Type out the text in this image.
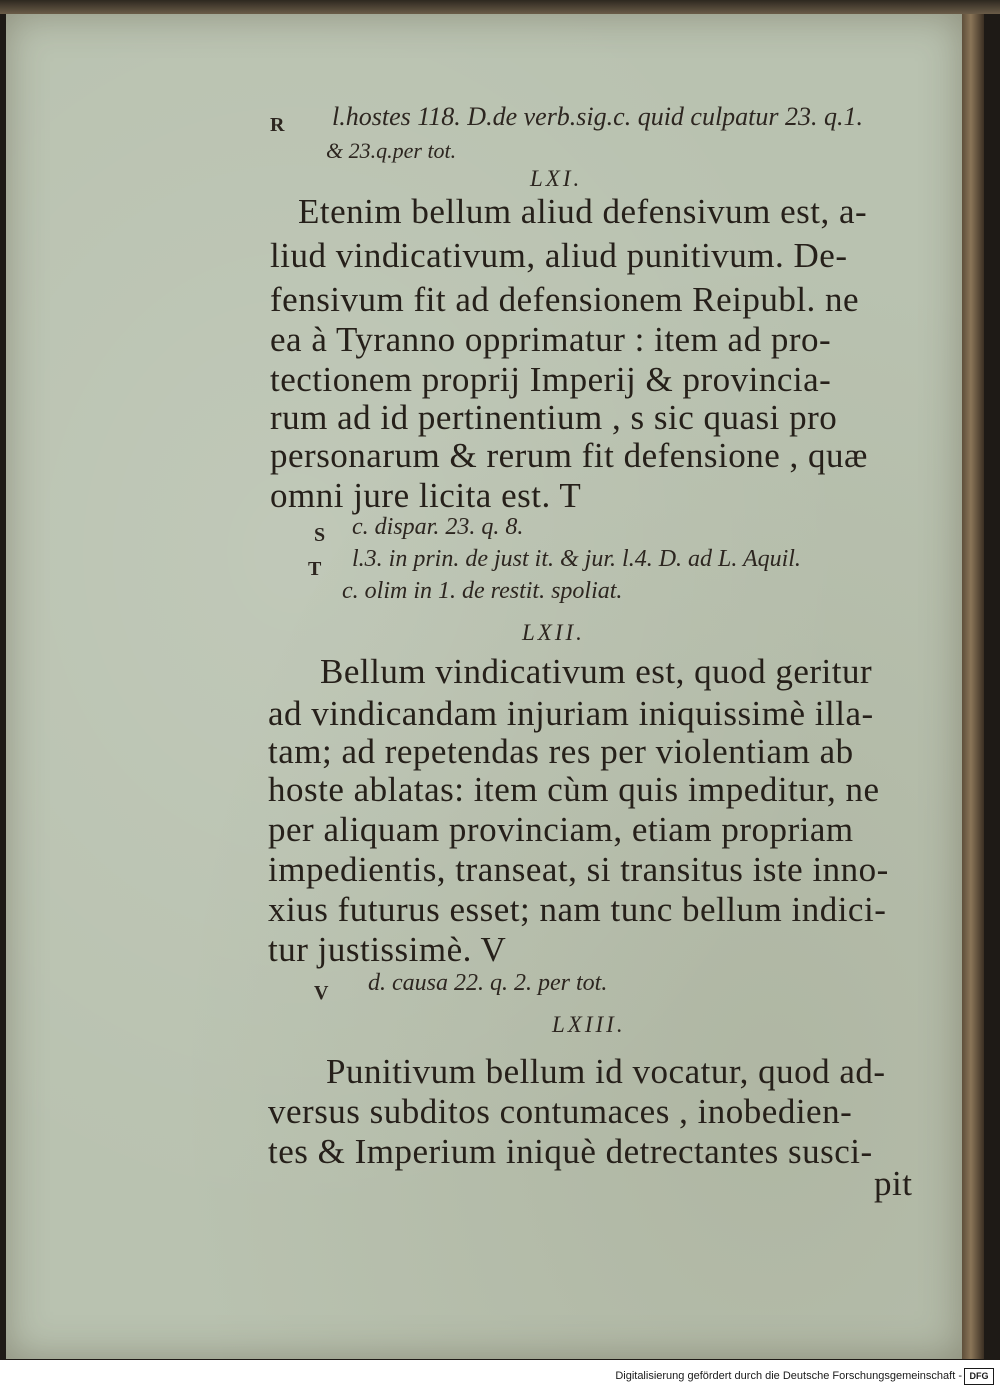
R l.hostes 118. D.de verb.sig.c. quid culpatur 23. q.1.
& 23.q.per tot.
LXI.
Etenim bellum aliud defensivum est, a-
liud vindicativum, aliud punitivum. De-
fensivum fit ad defensionem Reipubl. ne
ea à Tyranno opprimatur : item ad pro-
tectionem proprij Imperij & provincia-
rum ad id pertinentium , s sic quasi pro
personarum & rerum fit defensione , quæ
omni jure licita est. T
S c. dispar. 23. q. 8.
T l.3. in prin. de just it. & jur. l.4. D. ad L. Aquil.
c. olim in 1. de restit. spoliat.
LXII.
Bellum vindicativum est, quod geritur
ad vindicandam injuriam iniquissimè illa-
tam; ad repetendas res per violentiam ab
hoste ablatas: item cùm quis impeditur, ne
per aliquam provinciam, etiam propriam
impedientis, transeat, si transitus iste inno-
xius futurus esset; nam tunc bellum indici-
tur justissimè. V
V d. causa 22. q. 2. per tot.
LXIII.
Punitivum bellum id vocatur, quod ad-
versus subditos contumaces , inobedien-
tes & Imperium iniquè detrectantes susci-
pit
Digitalisierung gefördert durch die Deutsche Forschungsgemeinschaft - DFG
